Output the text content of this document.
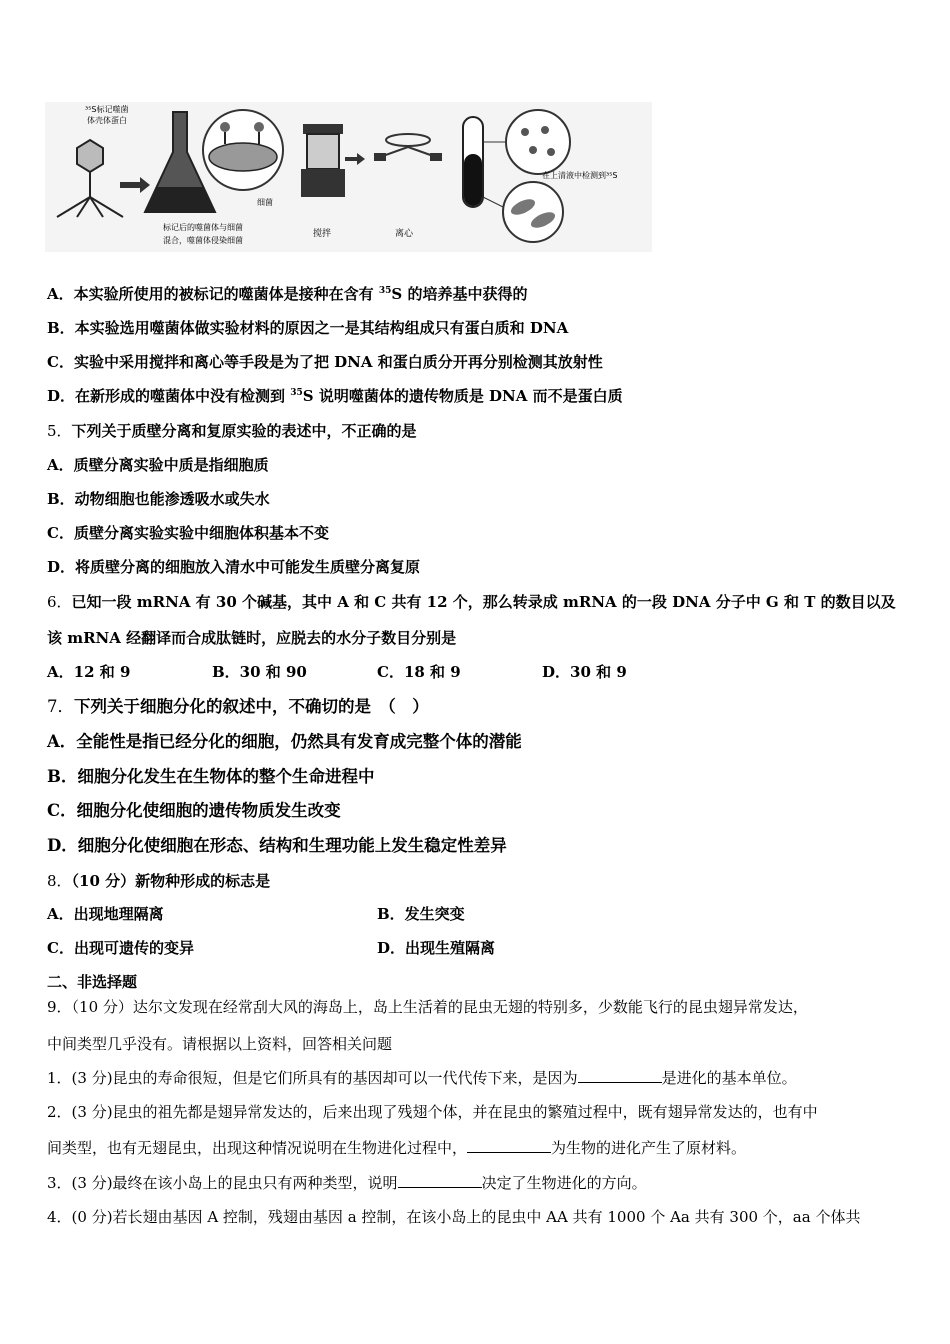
³⁵S标记噬菌
体壳体蛋白
细菌
标记后的噬菌体与细菌
混合，噬菌体侵染细菌
搅拌	离心
在上清液中检测到³⁵S
A．本实验所使用的被标记的噬菌体是接种在含有 $^{35}$S 的培养基中获得的
B．本实验选用噬菌体做实验材料的原因之一是其结构组成只有蛋白质和 DNA
C．实验中采用搅拌和离心等手段是为了把 DNA 和蛋白质分开再分别检测其放射性
D．在新形成的噬菌体中没有检测到 $^{35}$S 说明噬菌体的遗传物质是 DNA 而不是蛋白质
5．下列关于质壁分离和复原实验的表述中，不正确的是
A．质壁分离实验中质是指细胞质
B．动物细胞也能渗透吸水或失水
C．质壁分离实验实验中细胞体积基本不变
D．将质壁分离的细胞放入清水中可能发生质壁分离复原
6．已知一段 mRNA 有 30 个碱基，其中 A 和 C 共有 12 个，那么转录成 mRNA 的一段 DNA 分子中 G 和 T 的数目以及
该 mRNA 经翻译而合成肽链时，应脱去的水分子数目分别是
A．12 和 9	B．30 和 90	C．18 和 9	D．30 和 9
7．下列关于细胞分化的叙述中，不确切的是　（　）
A．全能性是指已经分化的细胞，仍然具有发育成完整个体的潜能
B．细胞分化发生在生物体的整个生命进程中
C．细胞分化使细胞的遗传物质发生改变
D．细胞分化使细胞在形态、结构和生理功能上发生稳定性差异
8．（10 分）新物种形成的标志是
A．出现地理隔离	B．发生突变
C．出现可遗传的变异	D．出现生殖隔离
二、非选择题
9．（10 分）达尔文发现在经常刮大风的海岛上，岛上生活着的昆虫无翅的特别多，少数能飞行的昆虫翅异常发达，
中间类型几乎没有。请根据以上资料，回答相关问题
1．(3 分)昆虫的寿命很短，但是它们所具有的基因却可以一代代传下来，是因为	是进化的基本单位。
2．(3 分)昆虫的祖先都是翅异常发达的，后来出现了残翅个体，并在昆虫的繁殖过程中，既有翅异常发达的，也有中
间类型，也有无翅昆虫，出现这种情况说明在生物进化过程中，	为生物的进化产生了原材料。
3．(3 分)最终在该小岛上的昆虫只有两种类型，说明	决定了生物进化的方向。
4．(0 分)若长翅由基因 A 控制，残翅由基因 a 控制，在该小岛上的昆虫中 AA 共有 1000 个 Aa 共有 300 个，aa 个体共
